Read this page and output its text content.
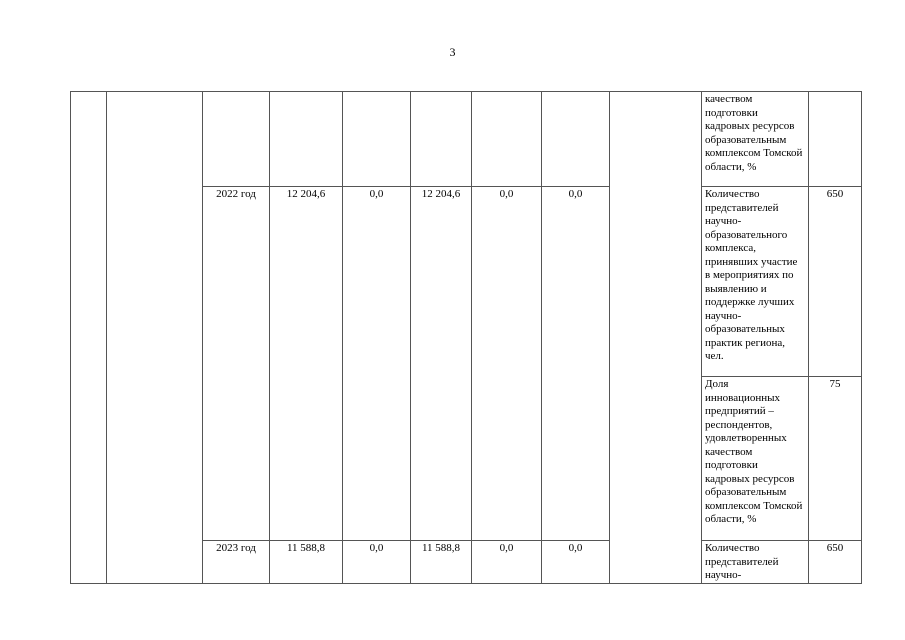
3
									качеством подготовки кадровых ресурсов образовательным комплексом Томской области, %	
		2022 год	12 204,6	0,0	12 204,6	0,0	0,0		Количество представителей научно-образовательного комплекса, принявших участие в мероприятиях по выявлению и поддержке лучших научно-образовательных практик региона, чел.	650
									Доля инновационных предприятий – респондентов, удовлетворенных качеством подготовки кадровых ресурсов образовательным комплексом Томской области, %	75
		2023 год	11 588,8	0,0	11 588,8	0,0	0,0		Количество представителей научно-	650
